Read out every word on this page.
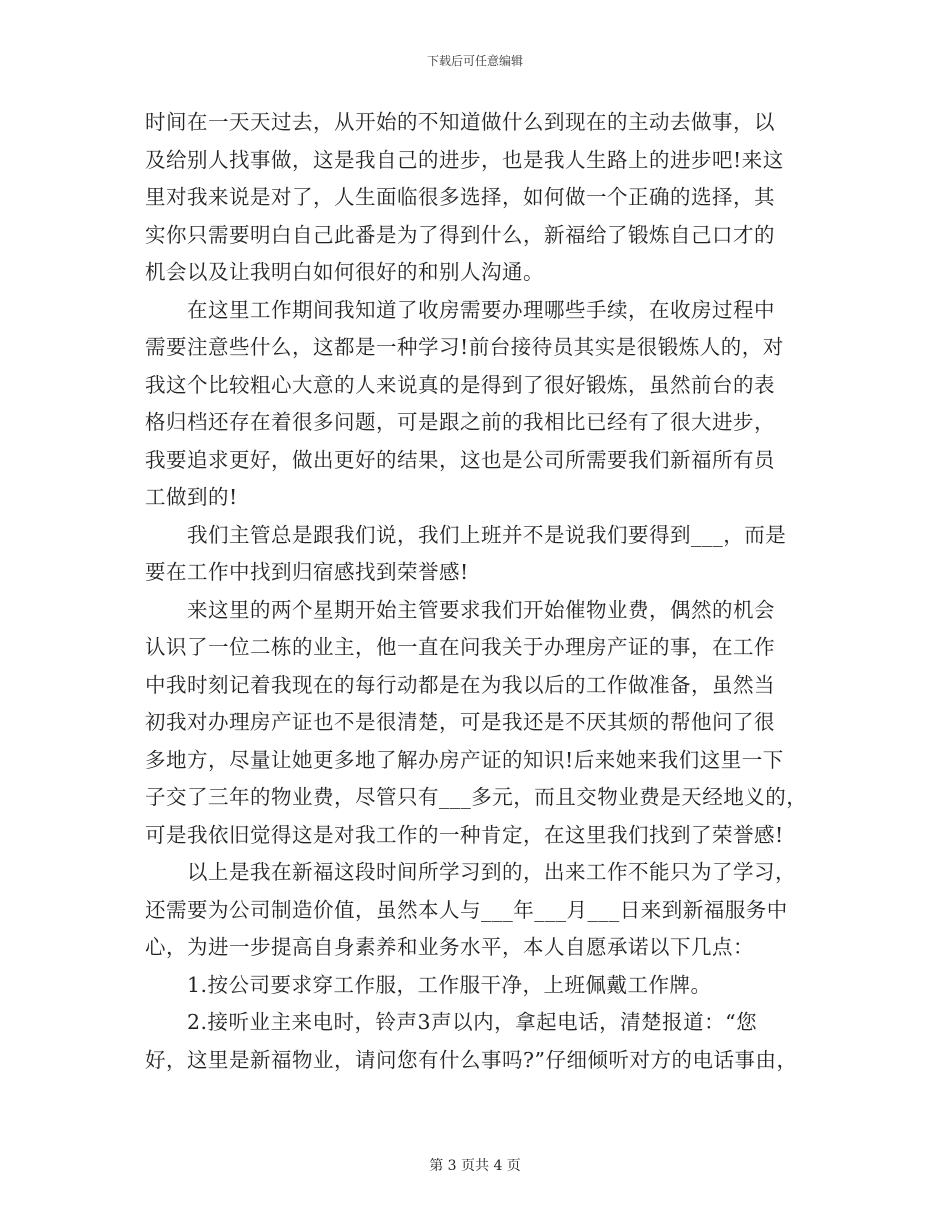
下载后可任意编辑
时间在一天天过去，从开始的不知道做什么到现在的主动去做事，以
及给别人找事做，这是我自己的进步，也是我人生路上的进步吧!来这
里对我来说是对了，人生面临很多选择，如何做一个正确的选择，其
实你只需要明白自己此番是为了得到什么，新福给了锻炼自己口才的
机会以及让我明白如何很好的和别人沟通。
　　在这里工作期间我知道了收房需要办理哪些手续，在收房过程中
需要注意些什么，这都是一种学习!前台接待员其实是很锻炼人的，对
我这个比较粗心大意的人来说真的是得到了很好锻炼，虽然前台的表
格归档还存在着很多问题，可是跟之前的我相比已经有了很大进步，
我要追求更好，做出更好的结果，这也是公司所需要我们新福所有员
工做到的!
　　我们主管总是跟我们说，我们上班并不是说我们要得到___，而是
要在工作中找到归宿感找到荣誉感!
　　来这里的两个星期开始主管要求我们开始催物业费，偶然的机会
认识了一位二栋的业主，他一直在问我关于办理房产证的事，在工作
中我时刻记着我现在的每行动都是在为我以后的工作做准备，虽然当
初我对办理房产证也不是很清楚，可是我还是不厌其烦的帮他问了很
多地方，尽量让她更多地了解办房产证的知识!后来她来我们这里一下
子交了三年的物业费，尽管只有___多元，而且交物业费是天经地义的，
可是我依旧觉得这是对我工作的一种肯定，在这里我们找到了荣誉感!
　　以上是我在新福这段时间所学习到的，出来工作不能只为了学习，
还需要为公司制造价值，虽然本人与___年___月___日来到新福服务中
心，为进一步提高自身素养和业务水平，本人自愿承诺以下几点：
　　1.按公司要求穿工作服，工作服干净，上班佩戴工作牌。
　　2.接听业主来电时，铃声3声以内，拿起电话，清楚报道：“您
好，这里是新福物业，请问您有什么事吗?”仔细倾听对方的电话事由，
第 3 页共 4 页
